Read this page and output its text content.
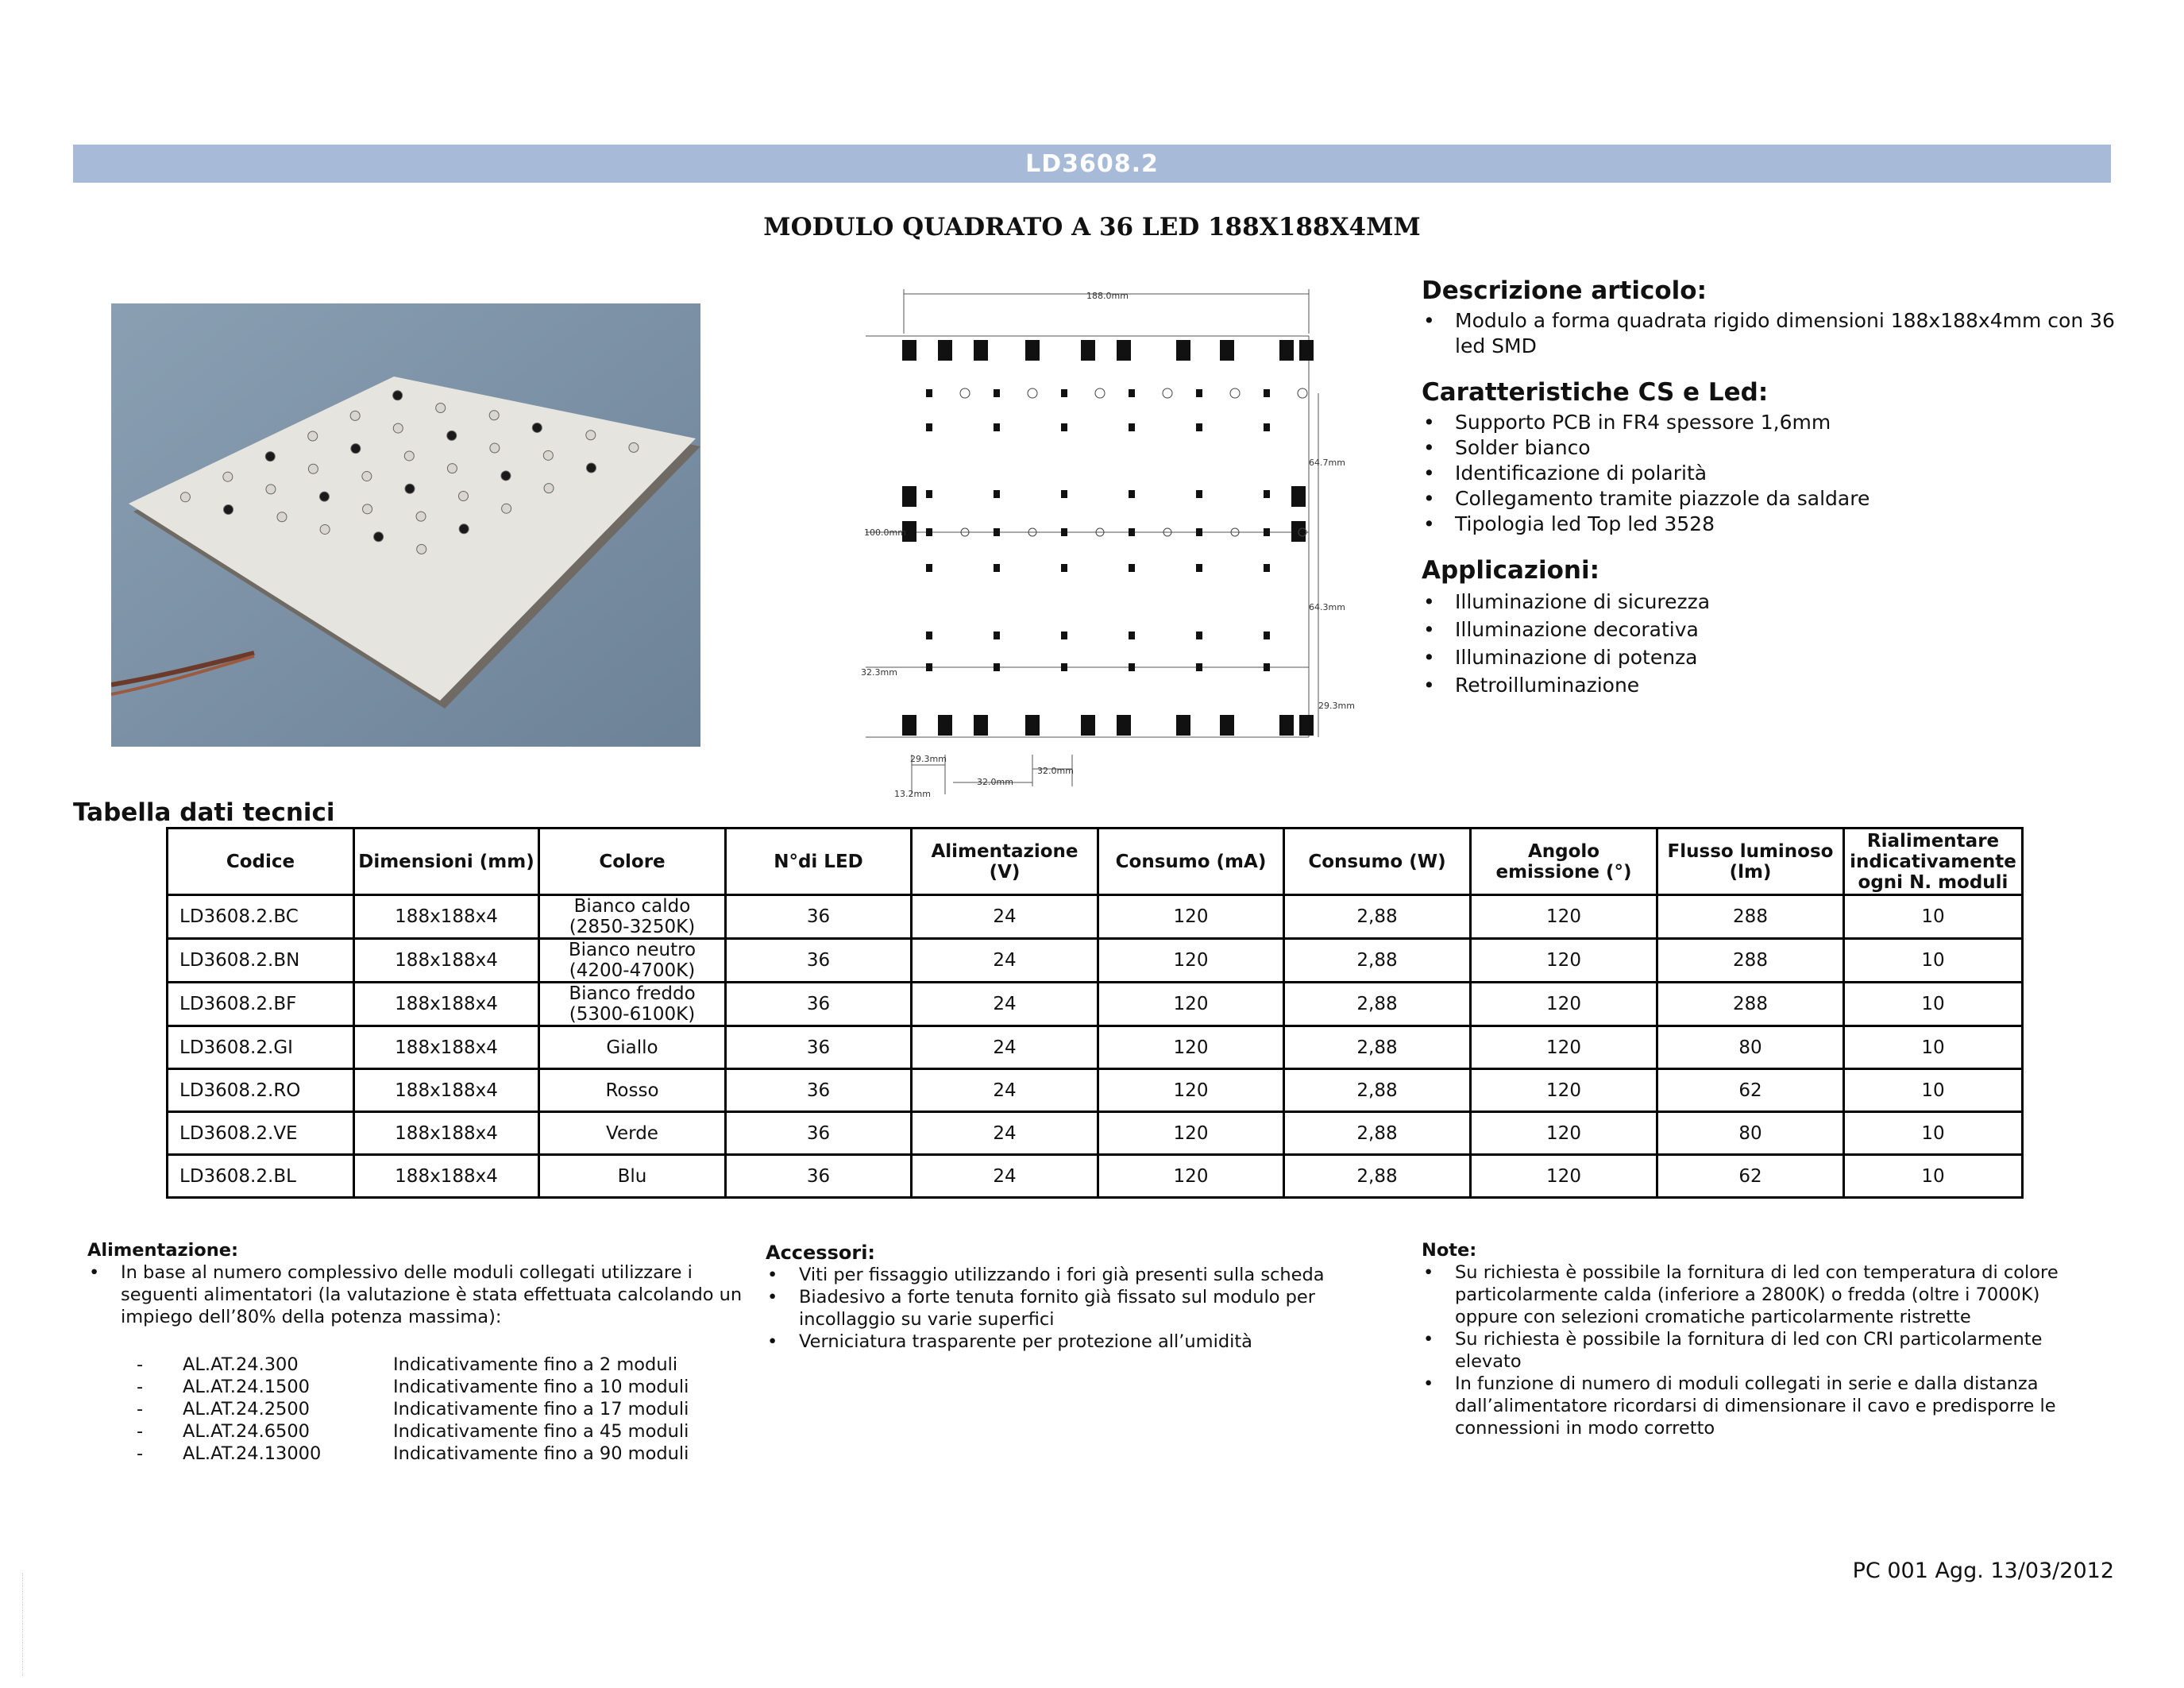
LD3608.2
MODULO QUADRATO A 36 LED 188X188X4MM
188.0mm
64.7mm
100.0mm
64.3mm
32.3mm
29.3mm
29.3mm
32.0mm
32.0mm
13.2mm
Descrizione articolo:
• Modulo a forma quadrata rigido dimensioni 188x188x4mm con 36 led SMD
Caratteristiche CS e Led:
• Supporto PCB in FR4 spessore 1,6mm
• Solder bianco
• Identificazione di polarità
• Collegamento tramite piazzole da saldare
• Tipologia led Top led 3528
Applicazioni:
• Illuminazione di sicurezza
• Illuminazione decorativa
• Illuminazione di potenza
• Retroilluminazione
Tabella dati tecnici
Codice	Dimensioni (mm)	Colore	N°di LED	Alimentazione (V)	Consumo (mA)	Consumo (W)	Angolo emissione (°)	Flusso luminoso (lm)	Rialimentare indicativamente ogni N. moduli
LD3608.2.BC	188x188x4	Bianco caldo (2850-3250K)	36	24	120	2,88	120	288	10
LD3608.2.BN	188x188x4	Bianco neutro (4200-4700K)	36	24	120	2,88	120	288	10
LD3608.2.BF	188x188x4	Bianco freddo (5300-6100K)	36	24	120	2,88	120	288	10
LD3608.2.GI	188x188x4	Giallo	36	24	120	2,88	120	80	10
LD3608.2.RO	188x188x4	Rosso	36	24	120	2,88	120	62	10
LD3608.2.VE	188x188x4	Verde	36	24	120	2,88	120	80	10
LD3608.2.BL	188x188x4	Blu	36	24	120	2,88	120	62	10
Alimentazione:
• In base al numero complessivo delle moduli collegati utilizzare i seguenti alimentatori (la valutazione è stata effettuata calcolando un impiego dell’80% della potenza massima):
-	AL.AT.24.300	Indicativamente fino a 2 moduli
-	AL.AT.24.1500	Indicativamente fino a 10 moduli
-	AL.AT.24.2500	Indicativamente fino a 17 moduli
-	AL.AT.24.6500	Indicativamente fino a 45 moduli
-	AL.AT.24.13000	Indicativamente fino a 90 moduli
Accessori:
• Viti per fissaggio utilizzando i fori già presenti sulla scheda
• Biadesivo a forte tenuta fornito già fissato sul modulo per incollaggio su varie superfici
• Verniciatura trasparente per protezione all’umidità
Note:
• Su richiesta è possibile la fornitura di led con temperatura di colore particolarmente calda (inferiore a 2800K) o fredda (oltre i 7000K) oppure con selezioni cromatiche particolarmente ristrette
• Su richiesta è possibile la fornitura di led con CRI particolarmente elevato
• In funzione di numero di moduli collegati in serie e dalla distanza dall’alimentatore ricordarsi di dimensionare il cavo e predisporre le connessioni in modo corretto
PC 001 Agg. 13/03/2012
